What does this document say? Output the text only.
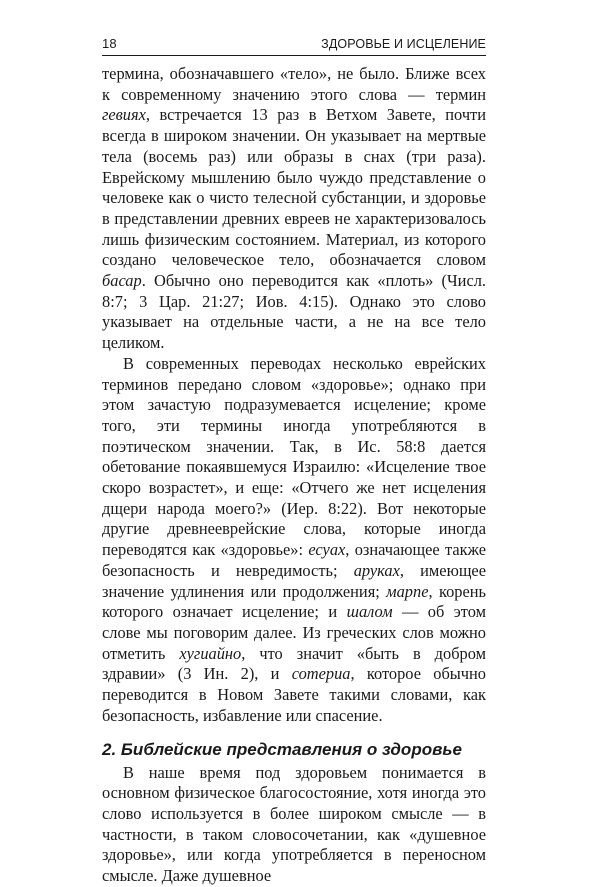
18	ЗДОРОВЬЕ И ИСЦЕЛЕНИЕ

термина, обозначавшего «тело», не было. Ближе всех к современному значению этого слова — термин гевиях, встречается 13 раз в Ветхом Завете, почти всегда в широком значении. Он указывает на мертвые тела (восемь раз) или образы в снах (три раза). Еврейскому мышлению было чуждо представление о человеке как о чисто телесной субстанции, и здоровье в представлении древних евреев не характеризовалось лишь физическим состоянием. Материал, из которого создано человеческое тело, обозначается словом басар. Обычно оно переводится как «плоть» (Числ. 8:7; 3 Цар. 21:27; Иов. 4:15). Однако это слово указывает на отдельные части, а не на все тело целиком.

В современных переводах несколько еврейских терминов передано словом «здоровье»; однако при этом зачастую подразумевается исцеление; кроме того, эти термины иногда употребляются в поэтическом значении. Так, в Ис. 58:8 дается обетование покаявшемуся Израилю: «Исцеление твое скоро возрастет», и еще: «Отчего же нет исцеления дщери народа моего?» (Иер. 8:22). Вот некоторые другие древнееврейские слова, которые иногда переводятся как «здоровье»: есуах, означающее также безопасность и невредимость; аруках, имеющее значение удлинения или продолжения; марпе, корень которого означает исцеление; и шалом — об этом слове мы поговорим далее. Из греческих слов можно отметить хугиайно, что значит «быть в добром здравии» (3 Ин. 2), и сотериа, которое обычно переводится в Новом Завете такими словами, как безопасность, избавление или спасение.

2. Библейские представления о здоровье

В наше время под здоровьем понимается в основном физическое благосостояние, хотя иногда это слово используется в более широком смысле — в частности, в таком словосочетании, как «душевное здоровье», или когда употребляется в переносном смысле. Даже душевное
